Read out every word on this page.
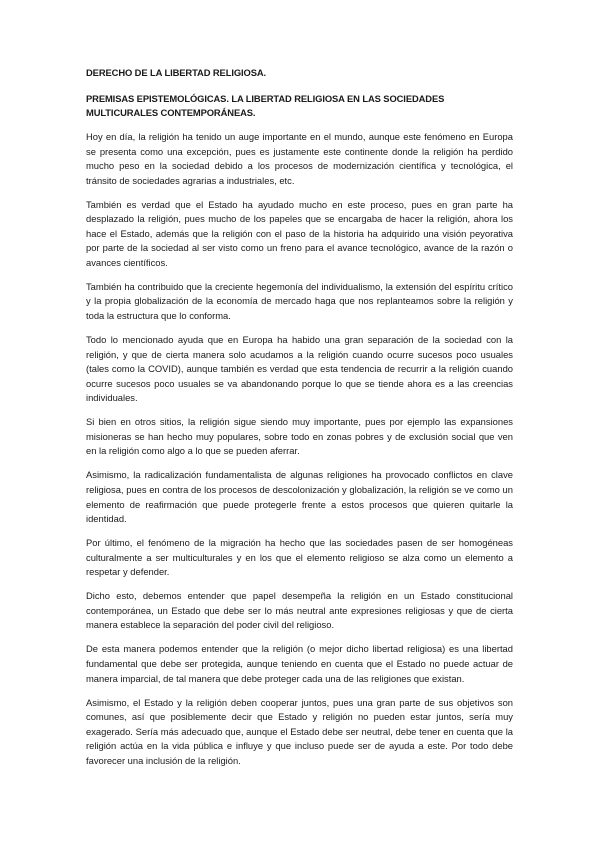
DERECHO DE LA LIBERTAD RELIGIOSA.

PREMISAS EPISTEMOLÓGICAS. LA LIBERTAD RELIGIOSA EN LAS SOCIEDADES MULTICURALES CONTEMPORÁNEAS.

Hoy en día, la religión ha tenido un auge importante en el mundo, aunque este fenómeno en Europa se presenta como una excepción, pues es justamente este continente donde la religión ha perdido mucho peso en la sociedad debido a los procesos de modernización científica y tecnológica, el tránsito de sociedades agrarias a industriales, etc.

También es verdad que el Estado ha ayudado mucho en este proceso, pues en gran parte ha desplazado la religión, pues mucho de los papeles que se encargaba de hacer la religión, ahora los hace el Estado, además que la religión con el paso de la historia ha adquirido una visión peyorativa por parte de la sociedad al ser visto como un freno para el avance tecnológico, avance de la razón o avances científicos.

También ha contribuido que la creciente hegemonía del individualismo, la extensión del espíritu crítico y la propia globalización de la economía de mercado haga que nos replanteamos sobre la religión y toda la estructura que lo conforma.

Todo lo mencionado ayuda que en Europa ha habido una gran separación de la sociedad con la religión, y que de cierta manera solo acudamos a la religión cuando ocurre sucesos poco usuales (tales como la COVID), aunque también es verdad que esta tendencia de recurrir a la religión cuando ocurre sucesos poco usuales se va abandonando porque lo que se tiende ahora es a las creencias individuales.

Si bien en otros sitios, la religión sigue siendo muy importante, pues por ejemplo las expansiones misioneras se han hecho muy populares, sobre todo en zonas pobres y de exclusión social que ven en la religión como algo a lo que se pueden aferrar.

Asimismo, la radicalización fundamentalista de algunas religiones ha provocado conflictos en clave religiosa, pues en contra de los procesos de descolonización y globalización, la religión se ve como un elemento de reafirmación que puede protegerle frente a estos procesos que quieren quitarle la identidad.

Por último, el fenómeno de la migración ha hecho que las sociedades pasen de ser homogéneas culturalmente a ser multiculturales y en los que el elemento religioso se alza como un elemento a respetar y defender.

Dicho esto, debemos entender que papel desempeña la religión en un Estado constitucional contemporánea, un Estado que debe ser lo más neutral ante expresiones religiosas y que de cierta manera establece la separación del poder civil del religioso.

De esta manera podemos entender que la religión (o mejor dicho libertad religiosa) es una libertad fundamental que debe ser protegida, aunque teniendo en cuenta que el Estado no puede actuar de manera imparcial, de tal manera que debe proteger cada una de las religiones que existan.

Asimismo, el Estado y la religión deben cooperar juntos, pues una gran parte de sus objetivos son comunes, así que posiblemente decir que Estado y religión no pueden estar juntos, sería muy exagerado. Sería más adecuado que, aunque el Estado debe ser neutral, debe tener en cuenta que la religión actúa en la vida pública e influye y que incluso puede ser de ayuda a este. Por todo debe favorecer una inclusión de la religión.
